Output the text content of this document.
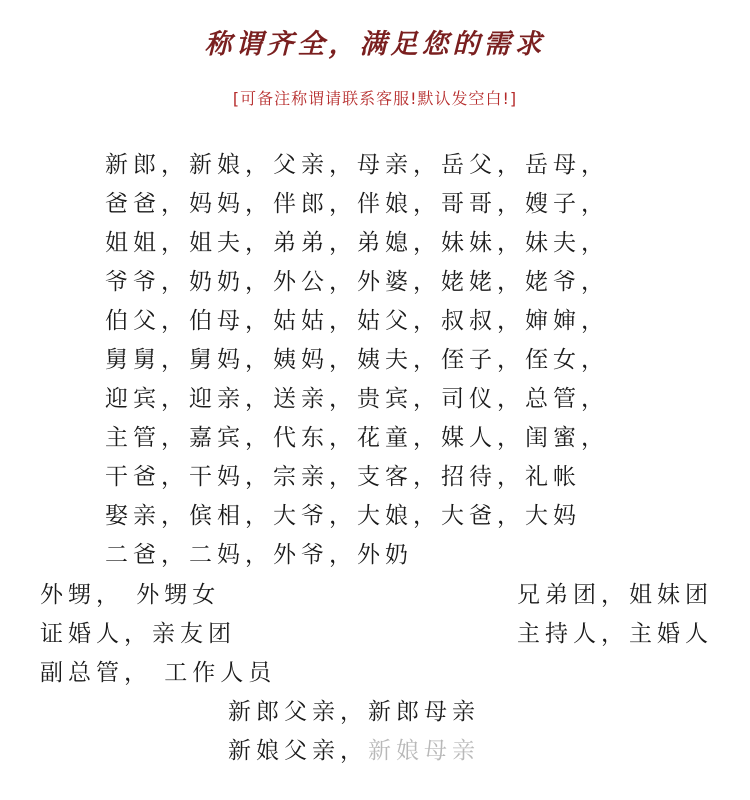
称谓齐全，满足您的需求
[可备注称谓请联系客服!默认发空白!]
新郎，新娘，父亲，母亲，岳父，岳母，
爸爸，妈妈，伴郎，伴娘，哥哥，嫂子，
姐姐，姐夫，弟弟，弟媳，妹妹，妹夫，
爷爷，奶奶，外公，外婆，姥姥，姥爷，
伯父，伯母，姑姑，姑父，叔叔，婶婶，
舅舅，舅妈，姨妈，姨夫，侄子，侄女，
迎宾，迎亲，送亲，贵宾，司仪，总管，
主管，嘉宾，代东，花童，媒人，闺蜜，
干爸，干妈，宗亲，支客，招待，礼帐
娶亲，傧相，大爷，大娘，大爸，大妈
二爸，二妈，外爷，外奶
外甥， 外甥女	兄弟团，姐妹团
证婚人，亲友团	主持人，主婚人
副总管， 工作人员
新郎父亲，新郎母亲
新娘父亲，新娘母亲
